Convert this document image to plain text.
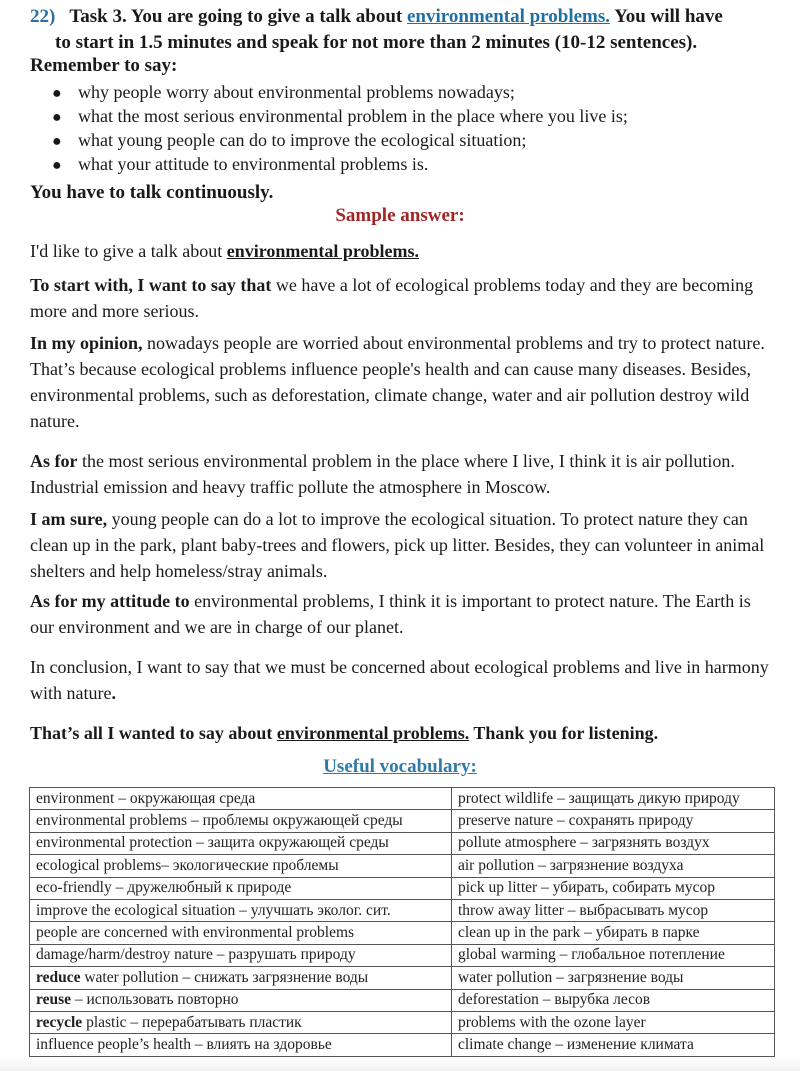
22) Task 3. You are going to give a talk about environmental problems. You will have
to start in 1.5 minutes and speak for not more than 2 minutes (10-12 sentences).
Remember to say:
● why people worry about environmental problems nowadays;
● what the most serious environmental problem in the place where you live is;
● what young people can do to improve the ecological situation;
● what your attitude to environmental problems is.
You have to talk continuously.
Sample answer:
I'd like to give a talk about environmental problems.
To start with, I want to say that we have a lot of ecological problems today and they are becoming more and more serious.
In my opinion, nowadays people are worried about environmental problems and try to protect nature. That’s because ecological problems influence people's health and can cause many diseases. Besides, environmental problems, such as deforestation, climate change, water and air pollution destroy wild nature.
As for the most serious environmental problem in the place where I live, I think it is air pollution. Industrial emission and heavy traffic pollute the atmosphere in Moscow.
I am sure, young people can do a lot to improve the ecological situation. To protect nature they can clean up in the park, plant baby-trees and flowers, pick up litter. Besides, they can volunteer in animal shelters and help homeless/stray animals.
As for my attitude to environmental problems, I think it is important to protect nature. The Earth is our environment and we are in charge of our planet.
In conclusion, I want to say that we must be concerned about ecological problems and live in harmony with nature.
That’s all I wanted to say about environmental problems. Thank you for listening.
Useful vocabulary:
environment – окружающая среда	protect wildlife – защищать дикую природу
environmental problems – проблемы окружающей среды	preserve nature – сохранять природу
environmental protection – защита окружающей среды	pollute atmosphere – загрязнять воздух
ecological problems– экологические проблемы	air pollution – загрязнение воздуха
eco-friendly – дружелюбный к природе	pick up litter – убирать, собирать мусор
improve the ecological situation – улучшать эколог. сит.	throw away litter – выбрасывать мусор
people are concerned with environmental problems	clean up in the park – убирать в парке
damage/harm/destroy nature – разрушать природу	global warming – глобальное потепление
reduce water pollution – снижать загрязнение воды	water pollution – загрязнение воды
reuse – использовать повторно	deforestation – вырубка лесов
recycle plastic – перерабатывать пластик	problems with the ozone layer
influence people’s health – влиять на здоровье	climate change – изменение климата
